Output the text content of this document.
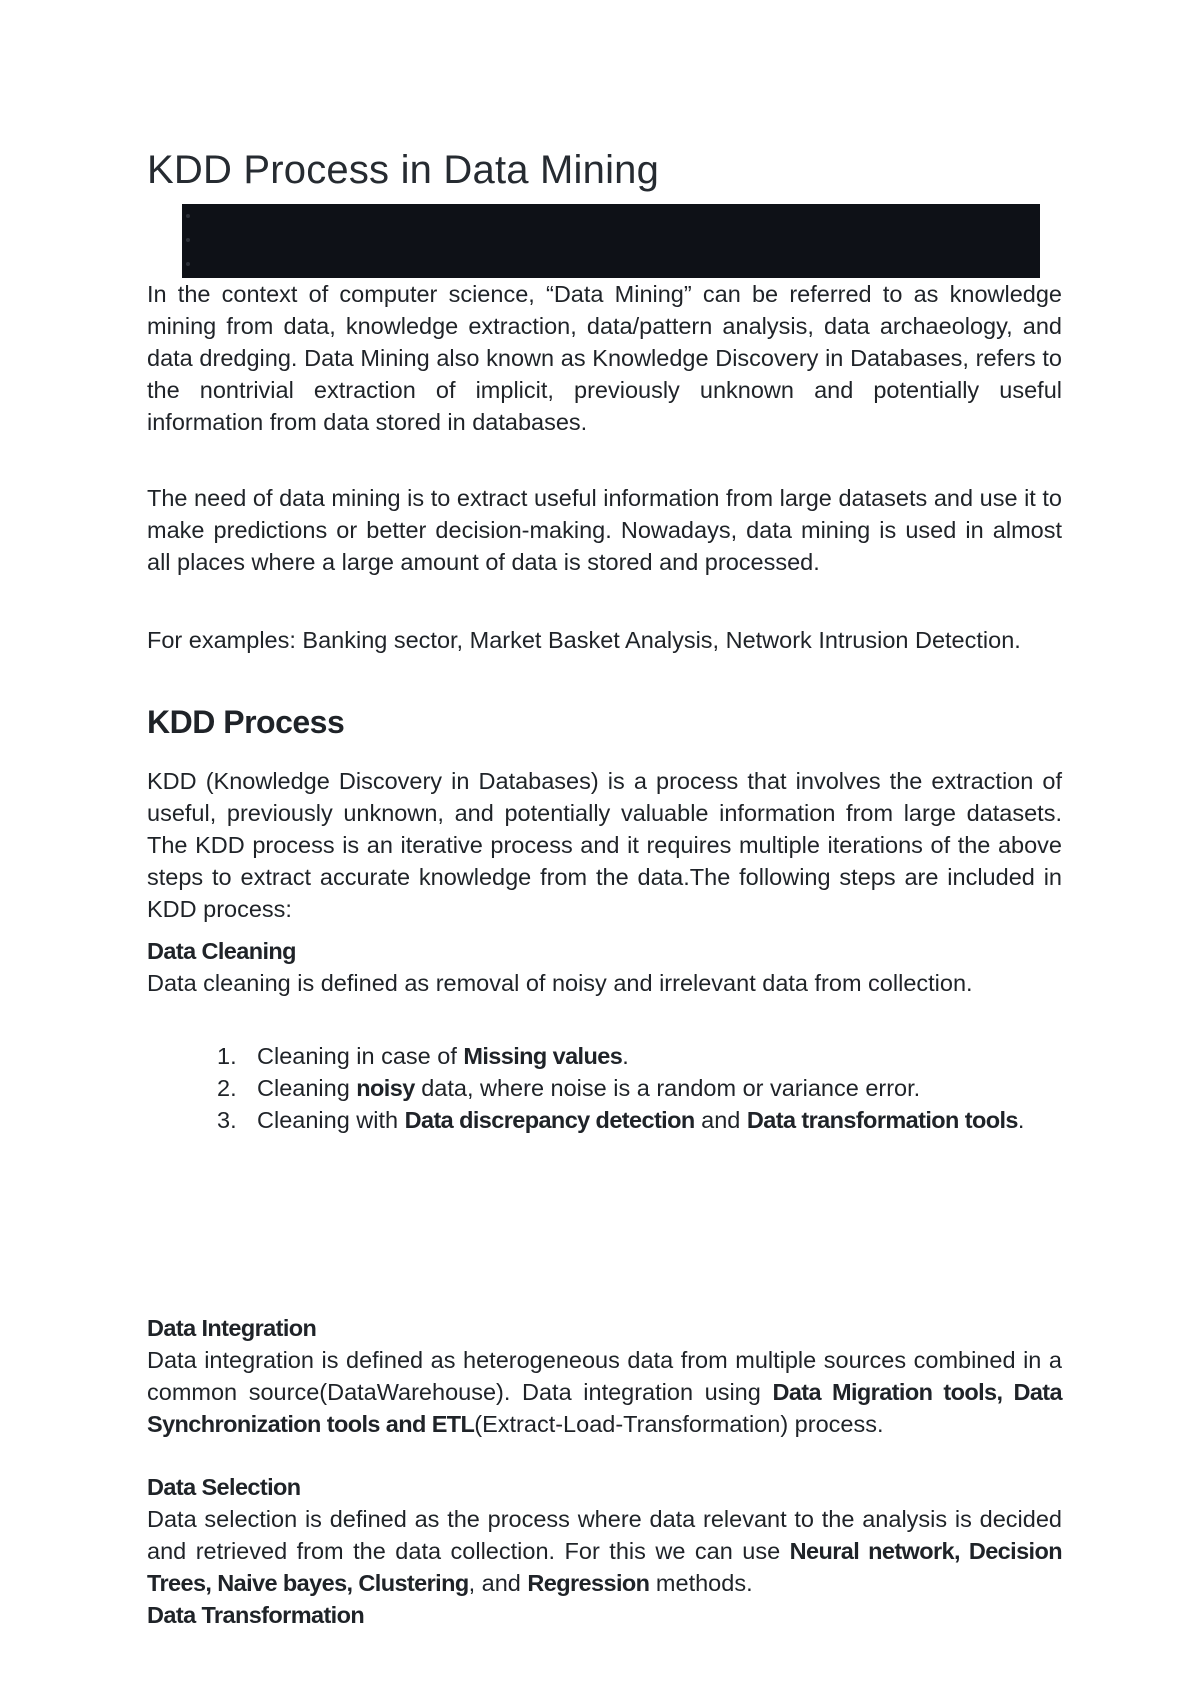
KDD Process in Data Mining

In the context of computer science, “Data Mining” can be referred to as knowledge mining from data, knowledge extraction, data/pattern analysis, data archaeology, and data dredging. Data Mining also known as Knowledge Discovery in Databases, refers to the nontrivial extraction of implicit, previously unknown and potentially useful information from data stored in databases.

The need of data mining is to extract useful information from large datasets and use it to make predictions or better decision-making. Nowadays, data mining is used in almost all places where a large amount of data is stored and processed.

For examples: Banking sector, Market Basket Analysis, Network Intrusion Detection.

KDD Process

KDD (Knowledge Discovery in Databases) is a process that involves the extraction of useful, previously unknown, and potentially valuable information from large datasets. The KDD process is an iterative process and it requires multiple iterations of the above steps to extract accurate knowledge from the data.The following steps are included in KDD process:

Data Cleaning

Data cleaning is defined as removal of noisy and irrelevant data from collection.

1. Cleaning in case of Missing values.
2. Cleaning noisy data, where noise is a random or variance error.
3. Cleaning with Data discrepancy detection and Data transformation tools.
Data Integration

Data integration is defined as heterogeneous data from multiple sources combined in a common source(DataWarehouse). Data integration using Data Migration tools, Data Synchronization tools and ETL(Extract-Load-Transformation) process.

Data Selection

Data selection is defined as the process where data relevant to the analysis is decided and retrieved from the data collection. For this we can use Neural network, Decision Trees, Naive bayes, Clustering, and Regression methods.

Data Transformation
